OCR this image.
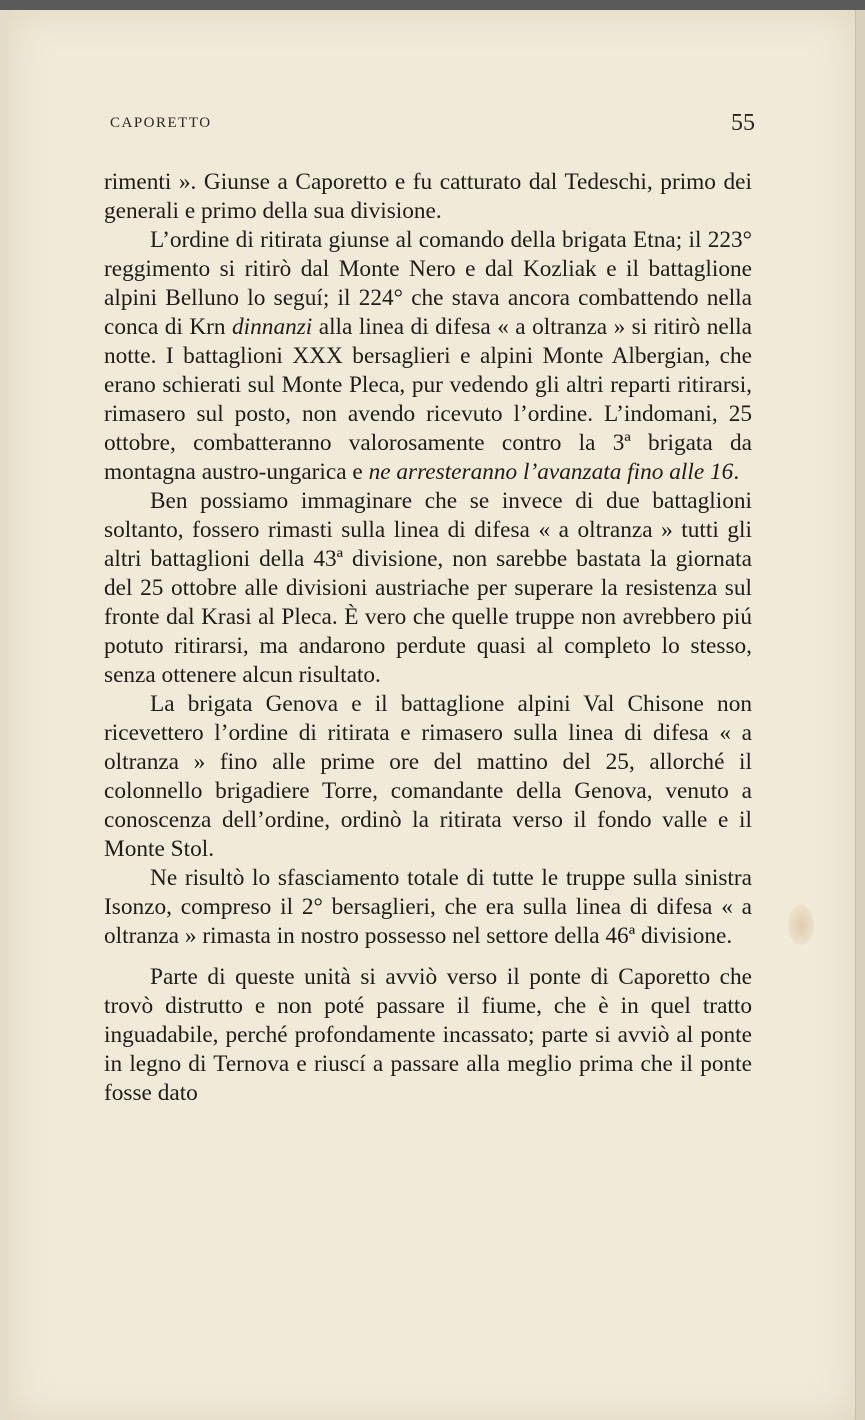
CAPORETTO	55

rimenti ». Giunse a Caporetto e fu catturato dal Tedeschi, primo dei generali e primo della sua divisione.

L’ordine di ritirata giunse al comando della brigata Etna; il 223° reggimento si ritirò dal Monte Nero e dal Kozliak e il battaglione alpini Belluno lo seguí; il 224° che stava ancora combattendo nella conca di Krn dinnanzi alla linea di difesa « a oltranza » si ritirò nella notte. I battaglioni XXX bersaglieri e alpini Monte Albergian, che erano schierati sul Monte Pleca, pur vedendo gli altri reparti ritirarsi, rimasero sul posto, non avendo ricevuto l’ordine. L’indomani, 25 ottobre, combatteranno valorosamente contro la 3ª brigata da montagna austro-ungarica e ne arresteranno l’avanzata fino alle 16.

Ben possiamo immaginare che se invece di due battaglioni soltanto, fossero rimasti sulla linea di difesa « a oltranza » tutti gli altri battaglioni della 43ª divisione, non sarebbe bastata la giornata del 25 ottobre alle divisioni austriache per superare la resistenza sul fronte dal Krasi al Pleca. È vero che quelle truppe non avrebbero piú potuto ritirarsi, ma andarono perdute quasi al completo lo stesso, senza ottenere alcun risultato.

La brigata Genova e il battaglione alpini Val Chisone non ricevettero l’ordine di ritirata e rimasero sulla linea di difesa « a oltranza » fino alle prime ore del mattino del 25, allorché il colonnello brigadiere Torre, comandante della Genova, venuto a conoscenza dell’ordine, ordinò la ritirata verso il fondo valle e il Monte Stol.

Ne risultò lo sfasciamento totale di tutte le truppe sulla sinistra Isonzo, compreso il 2° bersaglieri, che era sulla linea di difesa « a oltranza » rimasta in nostro possesso nel settore della 46ª divisione.

Parte di queste unità si avviò verso il ponte di Caporetto che trovò distrutto e non poté passare il fiume, che è in quel tratto inguadabile, perché profondamente incassato; parte si avviò al ponte in legno di Ternova e riuscí a passare alla meglio prima che il ponte fosse dato
